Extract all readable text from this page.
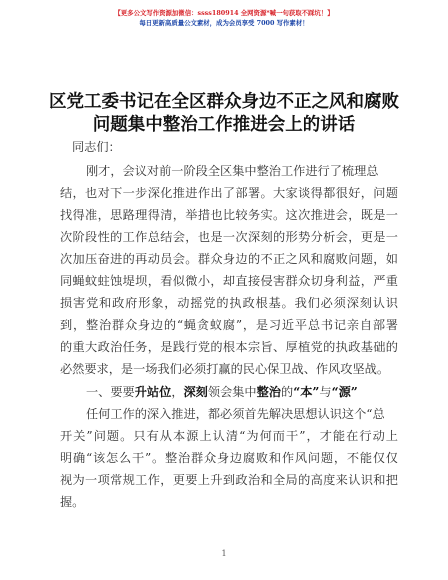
【更多公文写作资源加微信：ssss180914 全网资源*喊一句获取不踩坑！】
每日更新高质量公文素材，成为会员享受 7000 写作素材！
区党工委书记在全区群众身边不正之风和腐败
问题集中整治工作推进会上的讲话
同志们：
刚才，会议对前一阶段全区集中整治工作进行了梳理总
结，也对下一步深化推进作出了部署。大家谈得都很好，问题
找得准，思路理得清，举措也比较务实。这次推进会，既是一
次阶段性的工作总结会，也是一次深刻的形势分析会，更是一
次加压奋进的再动员会。群众身边的不正之风和腐败问题，如
同蝇蚊蛀蚀堤坝，看似微小，却直接侵害群众切身利益，严重
损害党和政府形象，动摇党的执政根基。我们必须深刻认识
到，整治群众身边的“蝇贪蚁腐”，是习近平总书记亲自部署
的重大政治任务，是践行党的根本宗旨、厚植党的执政基础的
必然要求，是一场我们必须打赢的民心保卫战、作风攻坚战。
一、要要升站位，深刻领会集中整治的“本”与“源”
任何工作的深入推进，都必须首先解决思想认识这个“总
开关”问题。只有从本源上认清“为何而干”，才能在行动上
明确“该怎么干”。整治群众身边腐败和作风问题，不能仅仅
视为一项常规工作，更要上升到政治和全局的高度来认识和把
握。
1
